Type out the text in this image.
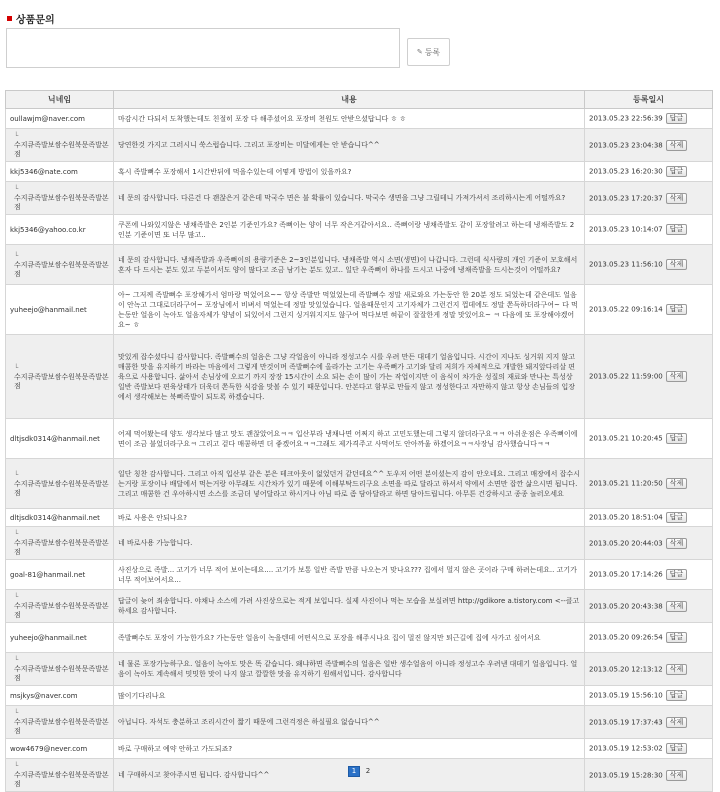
상품문의
✎ 등록
닉네임	내용	등록일시
oullawjm@naver.com	마감시간 다되서 도착했는데도 친절히 포장 다 해주셨어요 포장비 천원도 안받으셨답니다 ㅎ ㅎ	2013.05.23 22:56:39 답글
└수지큐족발보쌈수원북문족발본점	당연한것 가지고 그러시니 쑥스럽습니다. 그리고 포장비는 미달에게는 안 받습니다^^	2013.05.23 23:04:38 삭제
kkj5346@nate.com	혹시 족발뼈수 포장해서 1시간반뒤에 먹을수있는데 어떻게 방법이 있을까요?	2013.05.23 16:20:30 답글
└수지큐족발보쌈수원북문족발본점	네 문의 감사합니다. 다른건 다 괜찮은거 같은데 막국수 면은 불 확률이 있습니다. 막국수 생면을 그냥 그릴테니 가져가셔서 조리하시는게 어떨까요?	2013.05.23 17:20:37 삭제
kkj5346@yahoo.co.kr	쿠폰에 나와있지않은 냉채족발은 2인분 기준인가요? 족뼈이는 양이 너무 작은거같아서요.. 족뼈이랑 냉채족발도 같이 포장할려고 하는데 냉채족발도 2인분 기준이면 또 너무 많고..	2013.05.23 10:14:07 답글
└수지큐족발보쌈수원북문족발본점	네 문의 감사합니다. 냉채족발과 우족뼈이의 용량기준은 2~3인분입니다. 냉채족발 역시 소면(생면)이 나갑니다. 그런데 식사량의 개인 기준이 모호해서 혼자 다 드시는 분도 있고 두분이서도 양이 많다고 조금 남기는 분도 있고.. 일단 우족뼈이 하나를 드시고 나중에 냉채족발을 드시는것이 어떨까요?	2013.05.23 11:56:10 삭제
yuheejo@hanmail.net	아~ 그저께 족발뼈수 포장해가서 엄마랑 먹었어요~~ 항상 족발만 먹었었는데 족발뼈수 정말 새로와요 가는동안 한 20분 정도 되었는데 같은데도 얼음이 안녹고 그대로더라구여~ 포장님에서 비벼서 먹었는데 정말 맛있었습니다. 얼음때문인지 고기자체가 그런건지 껍데에도 정말 쫀득하더라구여~ 다 먹는동안 얼음이 녹아도 얼음자체가 양념이 되있어서 그런지 싱거워지지도 않구여 먹다보면 혀끝이 잘잘한게 정말 맛있어요~ ㅋ 다음에 또 포장해야겠어요~ ㅎ	2013.05.22 09:16:14 답글
└수지큐족발보쌈수원북문족발본점	맛있게 잡수셨다니 감사합니다. 족발뼈수의 얼음은 그냥 각얼음이 아니라 정성고수 시를 우려 만든 대데기 얼음입니다. 시간이 지나도 싱거워 지지 않고 매콤한 맛을 유지하기 바라는 마음에서 그렇게 만것이며 족발뼈수에 올라가는 고기는 우족뼈가 고기와 달리 저희가 자체적으로 개발한 돼지앞다리살 편육으로 사용합니다. 삶아서 손님상에 오르기 까지 장장 15시간이 소요 되는 손이 많이 가는 작업이지만 이 음식이 차가운 성질의 재료와 만나는 특성상 일반 족발보다 편육상태가 더욱더 쫀득한 식감을 맛볼 수 있기 때문입니다. 안본다고 함부로 만들지 않고 정성한다고 자만하지 않고 항상 손님들의 입장에서 생각해보는 북뻐족발이 되도록 하겠습니다.	2013.05.22 11:59:00 삭제
dltjsdk0314@hanmail.net	어제 먹어봤는데 양도 생각보다 많고 맛도 괜찮았어요ㅋㅋ 입산부라 냉채나면 어쩌지 하고 고민도했는데 그렇지 않더라구요ㅋㅋ 아쉬운점은 우족뼈이에 면이 조금 불었더라구요ㅋ 그리고 겉다 매콤하면 더 좋겠어요ㅋㅋ그래도 제가격주고 사먹어도 안아까울 하겠어요ㅋㅋ사장님 감사했습니다ㅋㅋ	2013.05.21 10:20:45 답글
└수지큐족발보쌈수원북문족발본점	일단 칭찬 감사합니다. 그리고 아직 입산부 같은 분은 테크아웃이 없었던거 같던데요^^ 도우저 어떤 분이셨는지 감이 안오네요. 그리고 매장에서 잡수시는거랑 포장이나 배달에서 먹는거랑 아무래도 시간차가 있기 때문에 이해부탁드리구요 소면을 따로 달라고 하셔서 약에서 소면만 잡깐 삶으시면 됩니다. 그리고 매콤한 건 우아하시면 소스를 조금더 넣어달라고 하시거나 아님 따로 좀 담아달라고 하면 담아드립니다. 아무튼 건강하시고 종종 놀러오세요	2013.05.21 11:20:50 삭제
dltjsdk0314@hanmail.net	바로 사용은 안되나요?	2013.05.20 18:51:04 답글
└수지큐족발보쌈수원북문족발본점	네 바로사용 가능합니다.	2013.05.20 20:44:03 삭제
goal-81@hanmail.net	사진상으로 족발... 고기가 너무 적어 보이는데요.... 고기가 보통 일반 족발 만큼 나오는거 맞나요??? 집에서 멀지 않은 곳이라 구매 하려는데요.. 고기가 너무 적어보여서요...	2013.05.20 17:14:26 답글
└수지큐족발보쌈수원북문족발본점	답글이 늦어 죄송합니다. 야채나 소스에 가려 사진상으로는 적게 보입니다. 실제 사진이나 먹는 모습을 보실려면 http://gdikore a.tistory.com <--클고하세요 감사합니다.	2013.05.20 20:43:38 삭제
yuheejo@hanmail.net	족발뼈수도 포장이 가능한가요? 가는동안 얼음이 녹을텐데 어떤식으로 포장을 해주시나요 집이 멀진 않지만 퇴근길에 집에 사가고 싶어서요	2013.05.20 09:26:54 답글
└수지큐족발보쌈수원북문족발본점	네 물론 포장가능하구요. 얼음이 녹아도 맛은 똑 같습니다. 왜냐하면 족발뼈수의 얼음은 일반 생수얼음이 아니라 정성고수 우려낸 대데기 얼음입니다. 얼음이 녹아도 계속해서 밋밋한 맛이 나지 않고 깔깔한 맛을 유지하기 원해서입니다. 감사합니다	2013.05.20 12:13:12 삭제
msjkys@naver.com	많이기다리나요	2013.05.19 15:56:10 답글
└수지큐족발보쌈수원북문족발본점	아닙니다. 자석도 충분하고 조리시간이 짧기 때문에 그런걱정은 하실필요 없습니다^^	2013.05.19 17:37:43 삭제
wow4679@never.com	바로 구매하고 예약 안하고 가도되죠?	2013.05.19 12:53:02 답글
└수지큐족발보쌈수원북문족발본점	네 구매하시고 찾아주시면 됩니다. 감사합니다^^	2013.05.19 15:28:30 삭제
1	2
